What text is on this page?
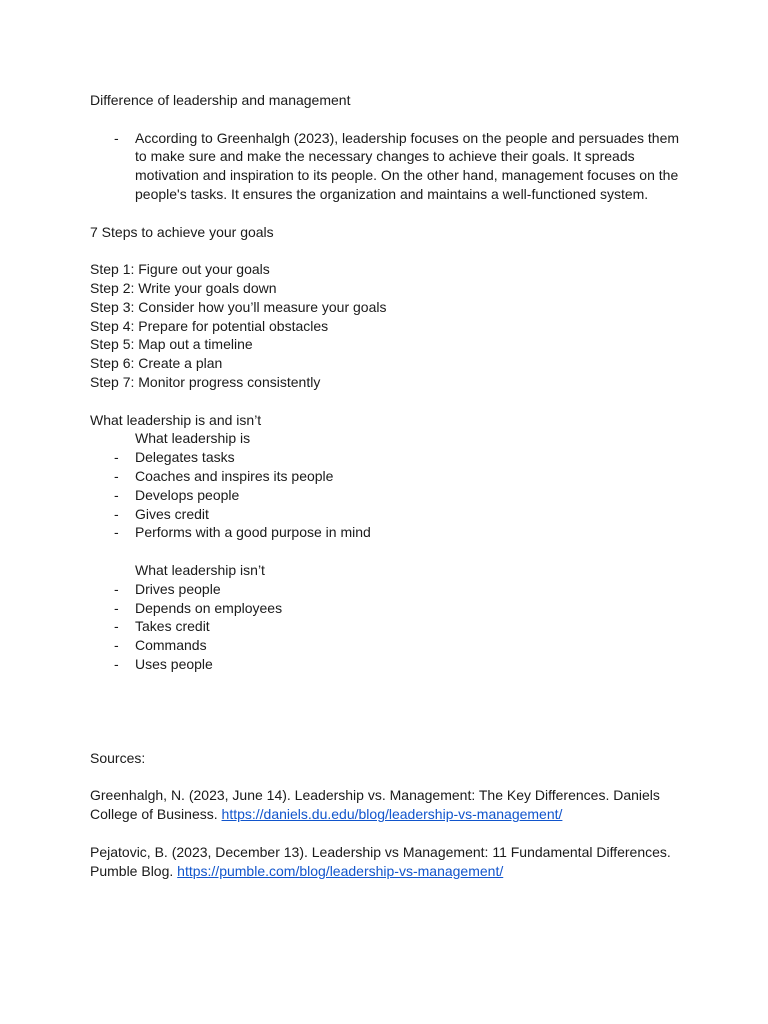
Difference of leadership and management
-	According to Greenhalgh (2023), leadership focuses on the people and persuades them to make sure and make the necessary changes to achieve their goals. It spreads motivation and inspiration to its people. On the other hand, management focuses on the people's tasks. It ensures the organization and maintains a well-functioned system.
7 Steps to achieve your goals
Step 1: Figure out your goals
Step 2: Write your goals down
Step 3: Consider how you’ll measure your goals
Step 4: Prepare for potential obstacles
Step 5: Map out a timeline
Step 6: Create a plan
Step 7: Monitor progress consistently
What leadership is and isn’t
What leadership is
-	Delegates tasks
-	Coaches and inspires its people
-	Develops people
-	Gives credit
-	Performs with a good purpose in mind
What leadership isn’t
-	Drives people
-	Depends on employees
-	Takes credit
-	Commands
-	Uses people
Sources:
Greenhalgh, N. (2023, June 14). Leadership vs. Management: The Key Differences. Daniels College of Business. https://daniels.du.edu/blog/leadership-vs-management/
Pejatovic, B. (2023, December 13). Leadership vs Management: 11 Fundamental Differences. Pumble Blog. https://pumble.com/blog/leadership-vs-management/
